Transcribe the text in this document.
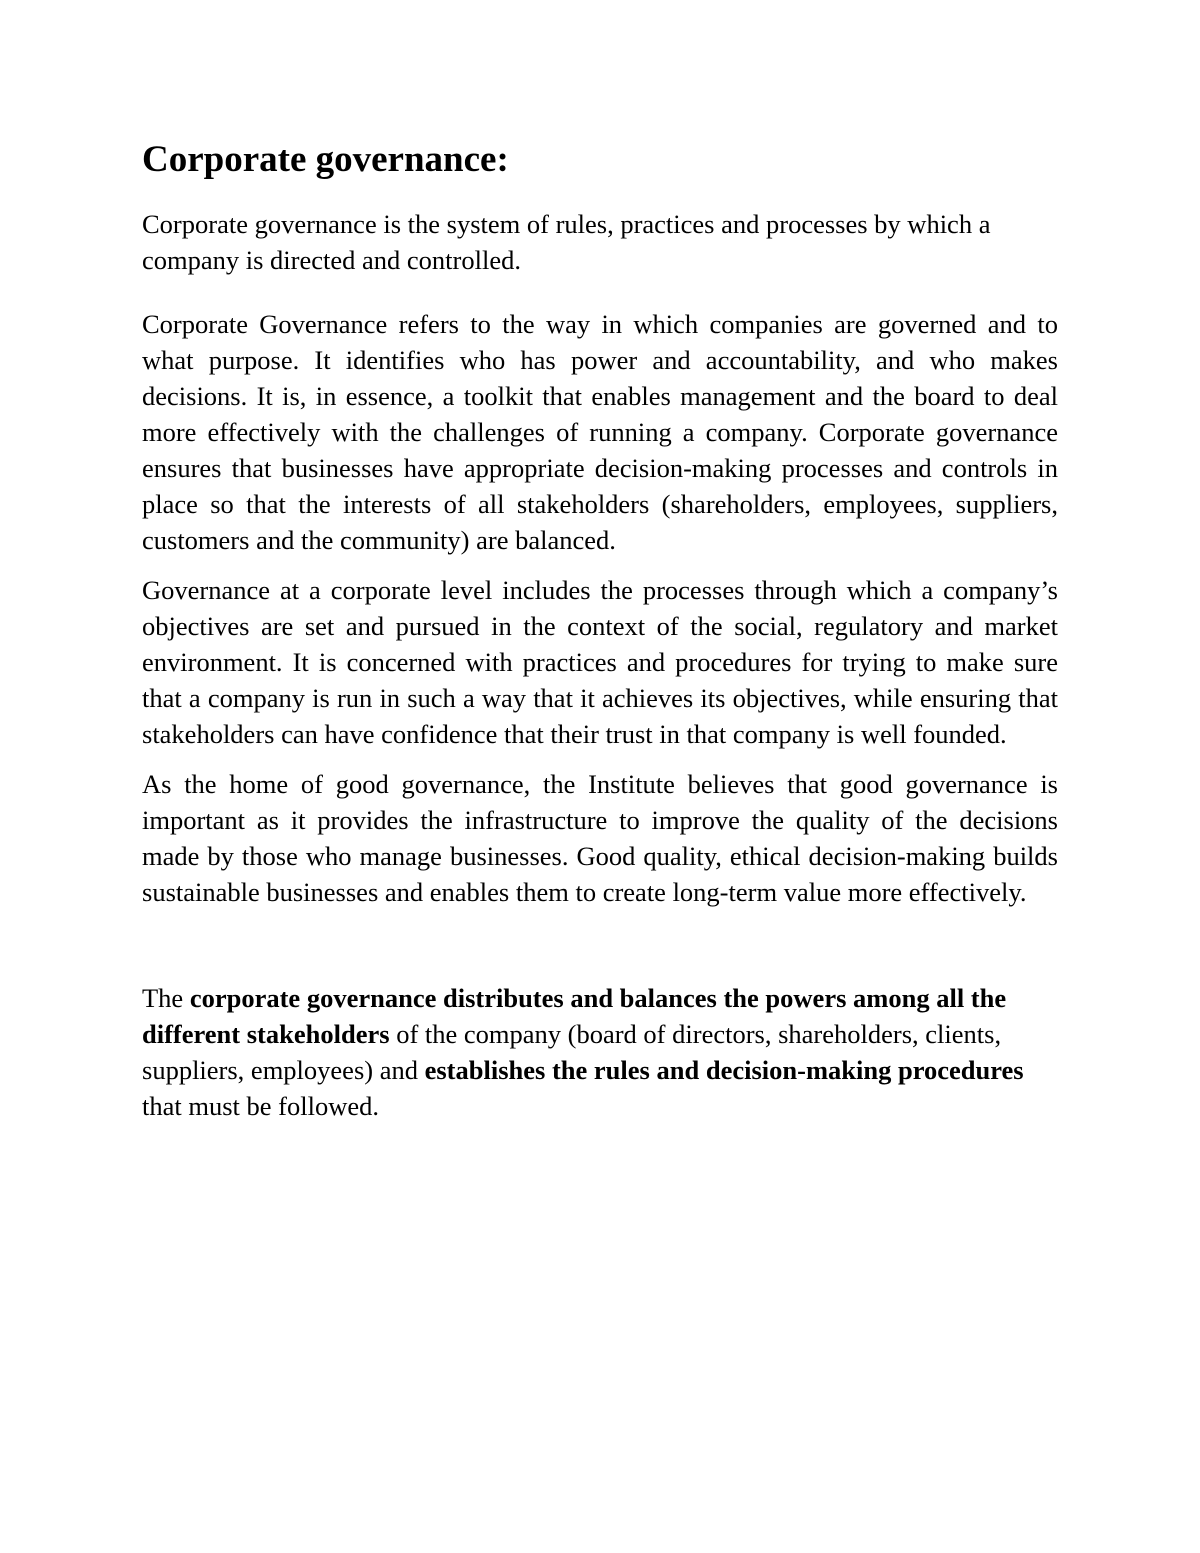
Corporate governance:

Corporate governance is the system of rules, practices and processes by which a company is directed and controlled.

Corporate Governance refers to the way in which companies are governed and to what purpose. It identifies who has power and accountability, and who makes decisions. It is, in essence, a toolkit that enables management and the board to deal more effectively with the challenges of running a company. Corporate governance ensures that businesses have appropriate decision-making processes and controls in place so that the interests of all stakeholders (shareholders, employees, suppliers, customers and the community) are balanced.

Governance at a corporate level includes the processes through which a company’s objectives are set and pursued in the context of the social, regulatory and market environment. It is concerned with practices and procedures for trying to make sure that a company is run in such a way that it achieves its objectives, while ensuring that stakeholders can have confidence that their trust in that company is well founded.

As the home of good governance, the Institute believes that good governance is important as it provides the infrastructure to improve the quality of the decisions made by those who manage businesses. Good quality, ethical decision-making builds sustainable businesses and enables them to create long-term value more effectively.

The corporate governance distributes and balances the powers among all the different stakeholders of the company (board of directors, shareholders, clients, suppliers, employees) and establishes the rules and decision-making procedures that must be followed.
